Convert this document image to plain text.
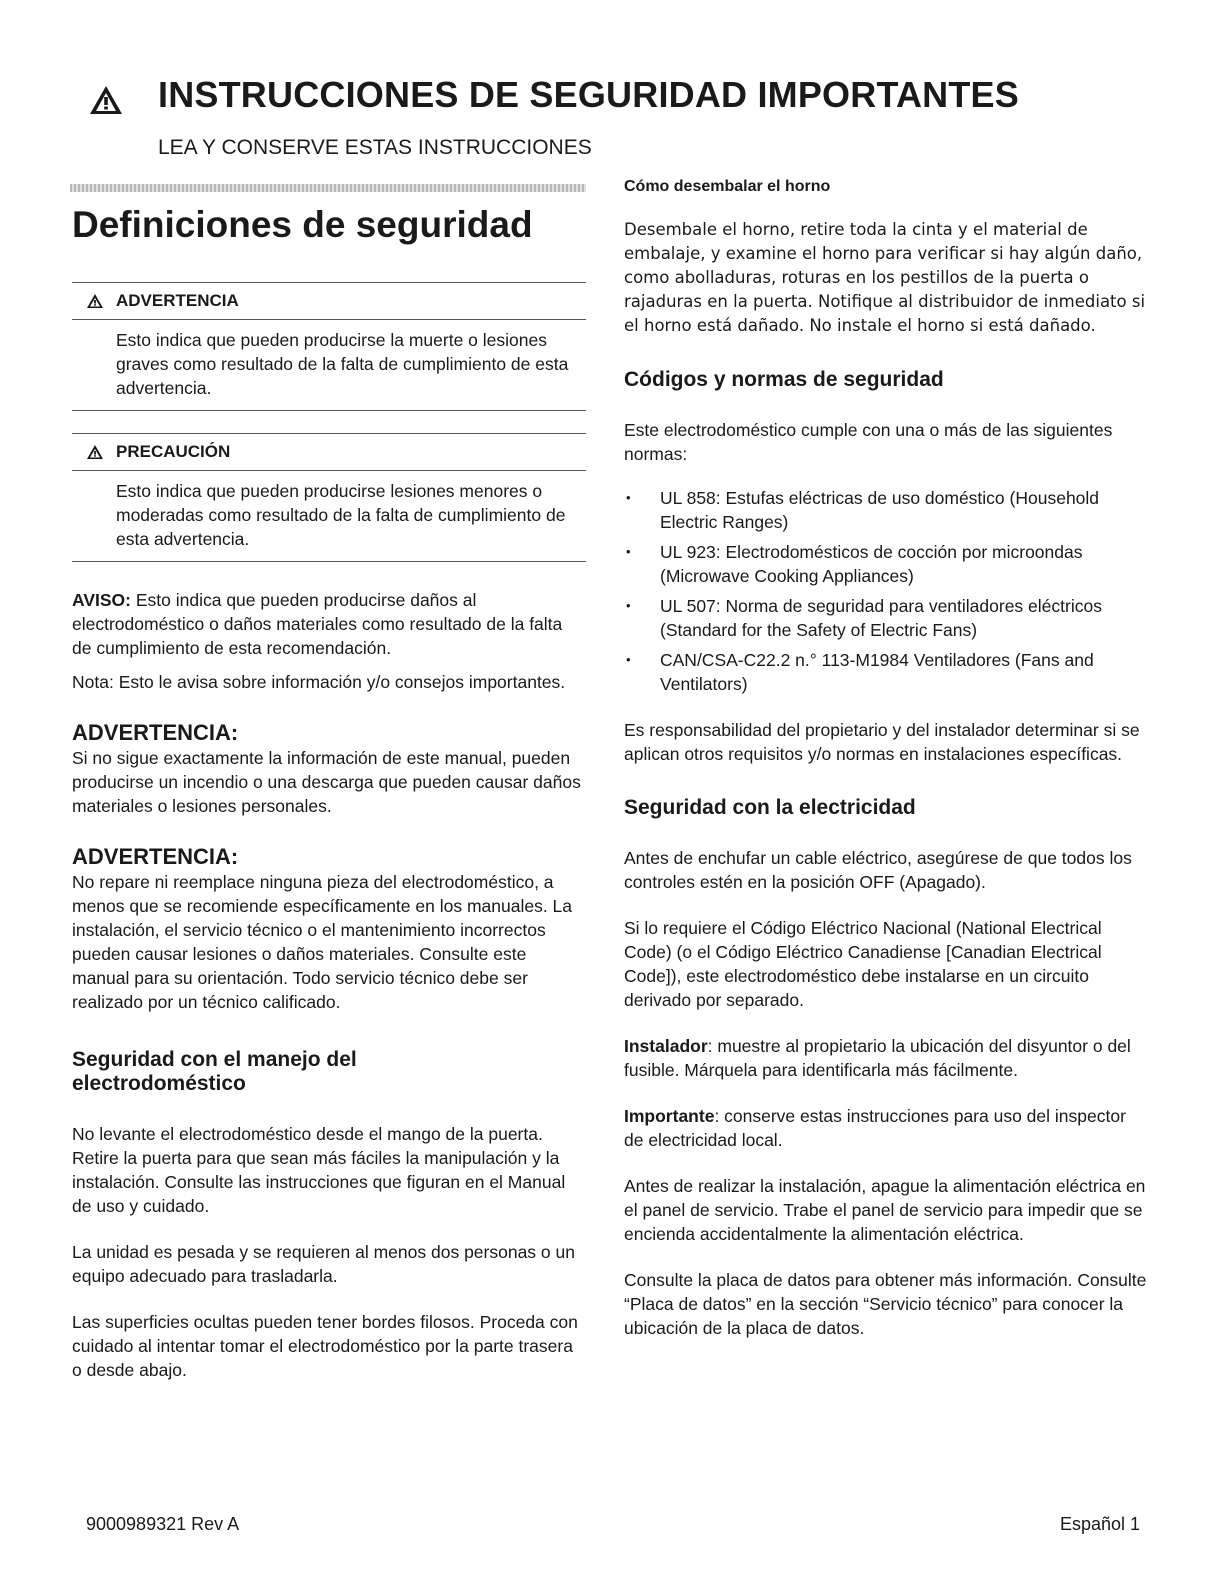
INSTRUCCIONES DE SEGURIDAD IMPORTANTES
LEA Y CONSERVE ESTAS INSTRUCCIONES
Definiciones de seguridad
ADVERTENCIA
Esto indica que pueden producirse la muerte o lesiones graves como resultado de la falta de cumplimiento de esta advertencia.
PRECAUCIÓN
Esto indica que pueden producirse lesiones menores o moderadas como resultado de la falta de cumplimiento de esta advertencia.

AVISO: Esto indica que pueden producirse daños al electrodoméstico o daños materiales como resultado de la falta de cumplimiento de esta recomendación.

Nota: Esto le avisa sobre información y/o consejos importantes.

ADVERTENCIA:

Si no sigue exactamente la información de este manual, pueden producirse un incendio o una descarga que pueden causar daños materiales o lesiones personales.

ADVERTENCIA:

No repare ni reemplace ninguna pieza del electrodoméstico, a menos que se recomiende específicamente en los manuales. La instalación, el servicio técnico o el mantenimiento incorrectos pueden causar lesiones o daños materiales. Consulte este manual para su orientación. Todo servicio técnico debe ser realizado por un técnico calificado.

Seguridad con el manejo del
electrodoméstico

No levante el electrodoméstico desde el mango de la puerta. Retire la puerta para que sean más fáciles la manipulación y la instalación. Consulte las instrucciones que figuran en el Manual de uso y cuidado.

La unidad es pesada y se requieren al menos dos personas o un equipo adecuado para trasladarla.

Las superficies ocultas pueden tener bordes filosos. Proceda con cuidado al intentar tomar el electrodoméstico por la parte trasera o desde abajo.

Cómo desembalar el horno

Desembale el horno, retire toda la cinta y el material de embalaje, y examine el horno para verificar si hay algún daño, como abolladuras, roturas en los pestillos de la puerta o rajaduras en la puerta. Notifique al distribuidor de inmediato si el horno está dañado. No instale el horno si está dañado.

Códigos y normas de seguridad

Este electrodoméstico cumple con una o más de las siguientes normas:

• UL 858: Estufas eléctricas de uso doméstico (Household Electric Ranges)
• UL 923: Electrodomésticos de cocción por microondas (Microwave Cooking Appliances)
• UL 507: Norma de seguridad para ventiladores eléctricos (Standard for the Safety of Electric Fans)
• CAN/CSA-C22.2 n.° 113-M1984 Ventiladores (Fans and Ventilators)

Es responsabilidad del propietario y del instalador determinar si se aplican otros requisitos y/o normas en instalaciones específicas.

Seguridad con la electricidad

Antes de enchufar un cable eléctrico, asegúrese de que todos los controles estén en la posición OFF (Apagado).

Si lo requiere el Código Eléctrico Nacional (National Electrical Code) (o el Código Eléctrico Canadiense [Canadian Electrical Code]), este electrodoméstico debe instalarse en un circuito derivado por separado.

Instalador: muestre al propietario la ubicación del disyuntor o del fusible. Márquela para identificarla más fácilmente.

Importante: conserve estas instrucciones para uso del inspector de electricidad local.

Antes de realizar la instalación, apague la alimentación eléctrica en el panel de servicio. Trabe el panel de servicio para impedir que se encienda accidentalmente la alimentación eléctrica.

Consulte la placa de datos para obtener más información. Consulte “Placa de datos” en la sección “Servicio técnico” para conocer la ubicación de la placa de datos.

9000989321 Rev A	Español 1
